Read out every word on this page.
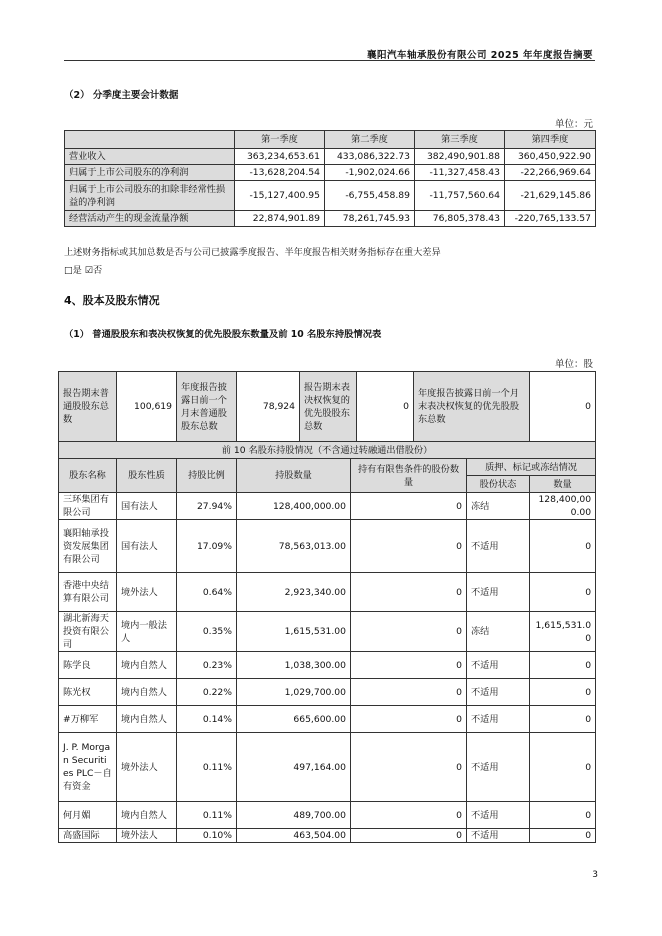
襄阳汽车轴承股份有限公司 2025 年年度报告摘要
（2） 分季度主要会计数据
单位：元
	第一季度	第二季度	第三季度	第四季度
营业收入	363,234,653.61	433,086,322.73	382,490,901.88	360,450,922.90
归属于上市公司股东的净利润	-13,628,204.54	-1,902,024.66	-11,327,458.43	-22,266,969.64
归属于上市公司股东的扣除非经常性损益的净利润	-15,127,400.95	-6,755,458.89	-11,757,560.64	-21,629,145.86
经营活动产生的现金流量净额	22,874,901.89	78,261,745.93	76,805,378.43	-220,765,133.57
上述财务指标或其加总数是否与公司已披露季度报告、半年度报告相关财务指标存在重大差异
□是 ☑否
4、股本及股东情况
（1） 普通股股东和表决权恢复的优先股股东数量及前 10 名股东持股情况表
单位：股
报告期末普通股股东总数	100,619	年度报告披露日前一个月末普通股股东总数	78,924	报告期末表决权恢复的优先股股东总数	0	年度报告披露日前一个月末表决权恢复的优先股股东总数	0
前 10 名股东持股情况（不含通过转融通出借股份）						
股东名称	股东性质	持股比例	持股数量	持有有限售条件的股份数量	质押、标记或冻结情况	
					股份状态	数量
三环集团有限公司	国有法人	27.94%	128,400,000.00	0	冻结	128,400,000.00
襄阳轴承投资发展集团有限公司	国有法人	17.09%	78,563,013.00	0	不适用	0
香港中央结算有限公司	境外法人	0.64%	2,923,340.00	0	不适用	0
湖北新海天投资有限公司	境内一般法人	0.35%	1,615,531.00	0	冻结	1,615,531.00
陈学良	境内自然人	0.23%	1,038,300.00	0	不适用	0
陈光权	境内自然人	0.22%	1,029,700.00	0	不适用	0
#万柳军	境内自然人	0.14%	665,600.00	0	不适用	0
J. P. Morgan Securities PLC－自有资金	境外法人	0.11%	497,164.00	0	不适用	0
何月媚	境内自然人	0.11%	489,700.00	0	不适用	0
高盛国际	境外法人	0.10%	463,504.00	0	不适用	0
3
